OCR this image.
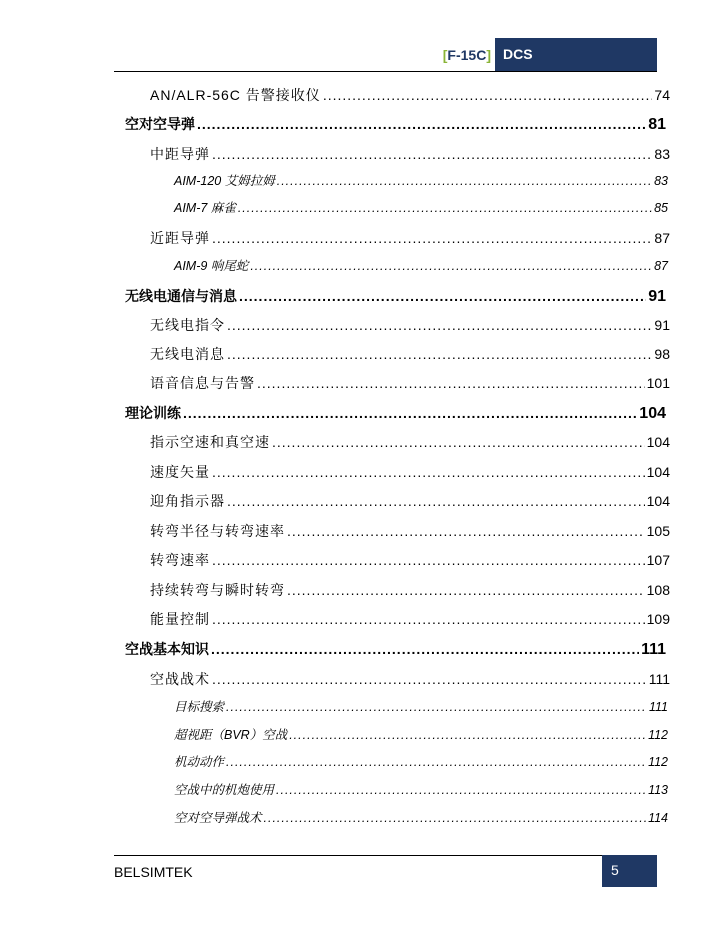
[F-15C] DCS
AN/ALR-56C 告警接收仪 .....	74
空对空导弹 .....	81
中距导弹 .....	83
AIM-120 艾姆拉姆 .....	83
AIM-7 麻雀 .....	85
近距导弹 .....	87
AIM-9 响尾蛇 .....	87
无线电通信与消息 .....	91
无线电指令 .....	91
无线电消息 .....	98
语音信息与告警 .....	101
理论训练 .....	104
指示空速和真空速 .....	104
速度矢量 .....	104
迎角指示器 .....	104
转弯半径与转弯速率 .....	105
转弯速率 .....	107
持续转弯与瞬时转弯 .....	108
能量控制 .....	109
空战基本知识 .....	111
空战战术 .....	111
目标搜索 .....	111
超视距（BVR）空战 .....	112
机动动作 .....	112
空战中的机炮使用 .....	113
空对空导弹战术 .....	114
BELSIMTEK	5
